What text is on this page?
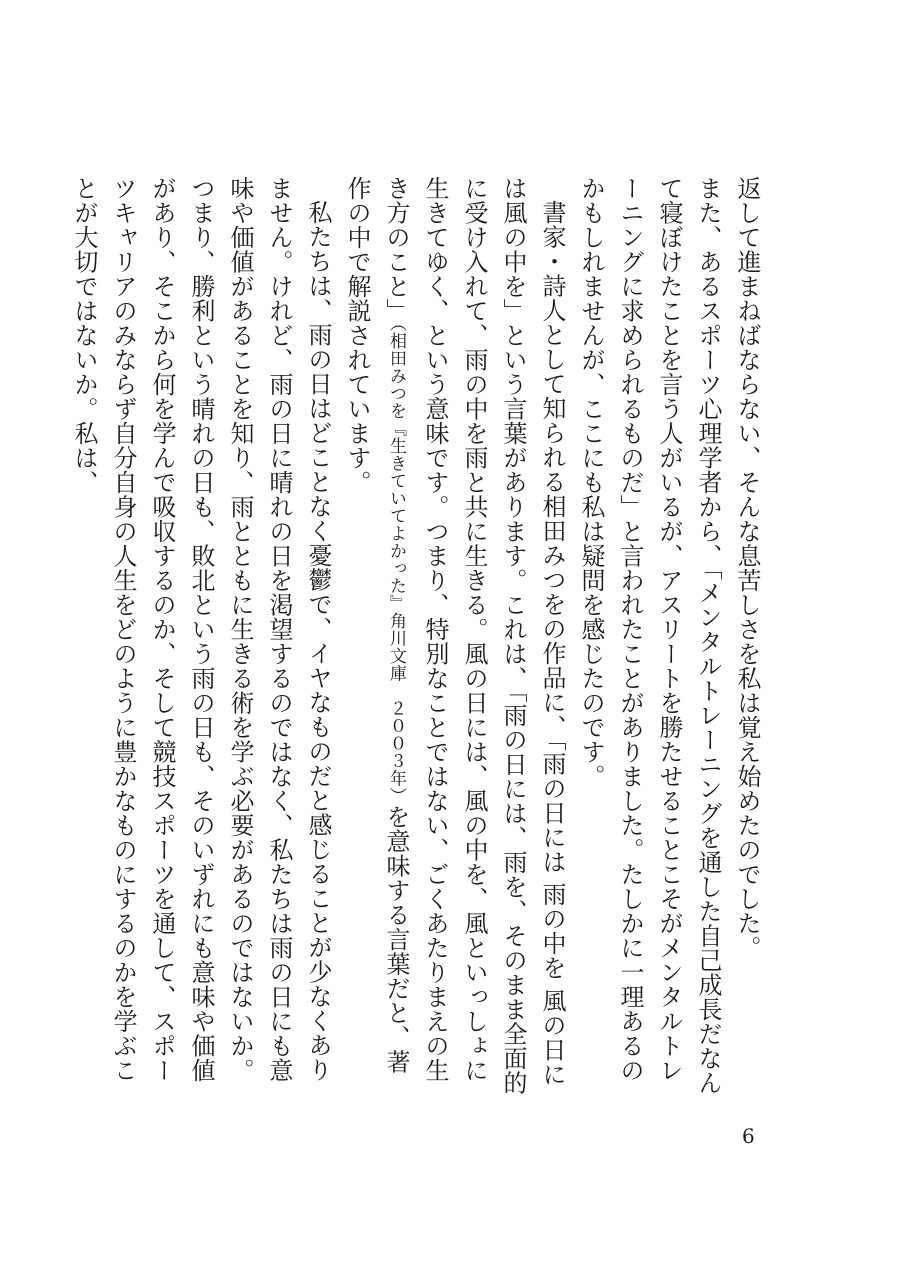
返して進まねばならない、そんな息苦しさを私は覚え始めたのでした。

また、あるスポーツ心理学者から、「メンタルトレーニングを通した自己成長だなんて寝ぼけたことを言う人がいるが、アスリートを勝たせることこそがメンタルトレーニングに求められるものだ」と言われたことがありました。たしかに一理あるのかもしれませんが、ここにも私は疑問を感じたのです。

書家・詩人として知られる相田みつをの作品に、「雨の日には 雨の中を 風の日には風の中を」という言葉があります。これは、「雨の日には、雨を、そのまま全面的に受け入れて、雨の中を雨と共に生きる。風の日には、風の中を、風といっしょに生きてゆく、という意味です。つまり、特別なことではない、ごくあたりまえの生き方のこと」（相田みつを『生きていてよかった』角川文庫　２００３年）を意味する言葉だと、著作の中で解説されています。

私たちは、雨の日はどことなく憂鬱で、イヤなものだと感じることが少なくありません。けれど、雨の日に晴れの日を渇望するのではなく、私たちは雨の日にも意味や価値があることを知り、雨とともに生きる術を学ぶ必要があるのではないか。つまり、勝利という晴れの日も、敗北という雨の日も、そのいずれにも意味や価値があり、そこから何を学んで吸収するのか、そして競技スポーツを通して、スポーツキャリアのみならず自分自身の人生をどのように豊かなものにするのかを学ぶことが大切ではないか。私は、

6
